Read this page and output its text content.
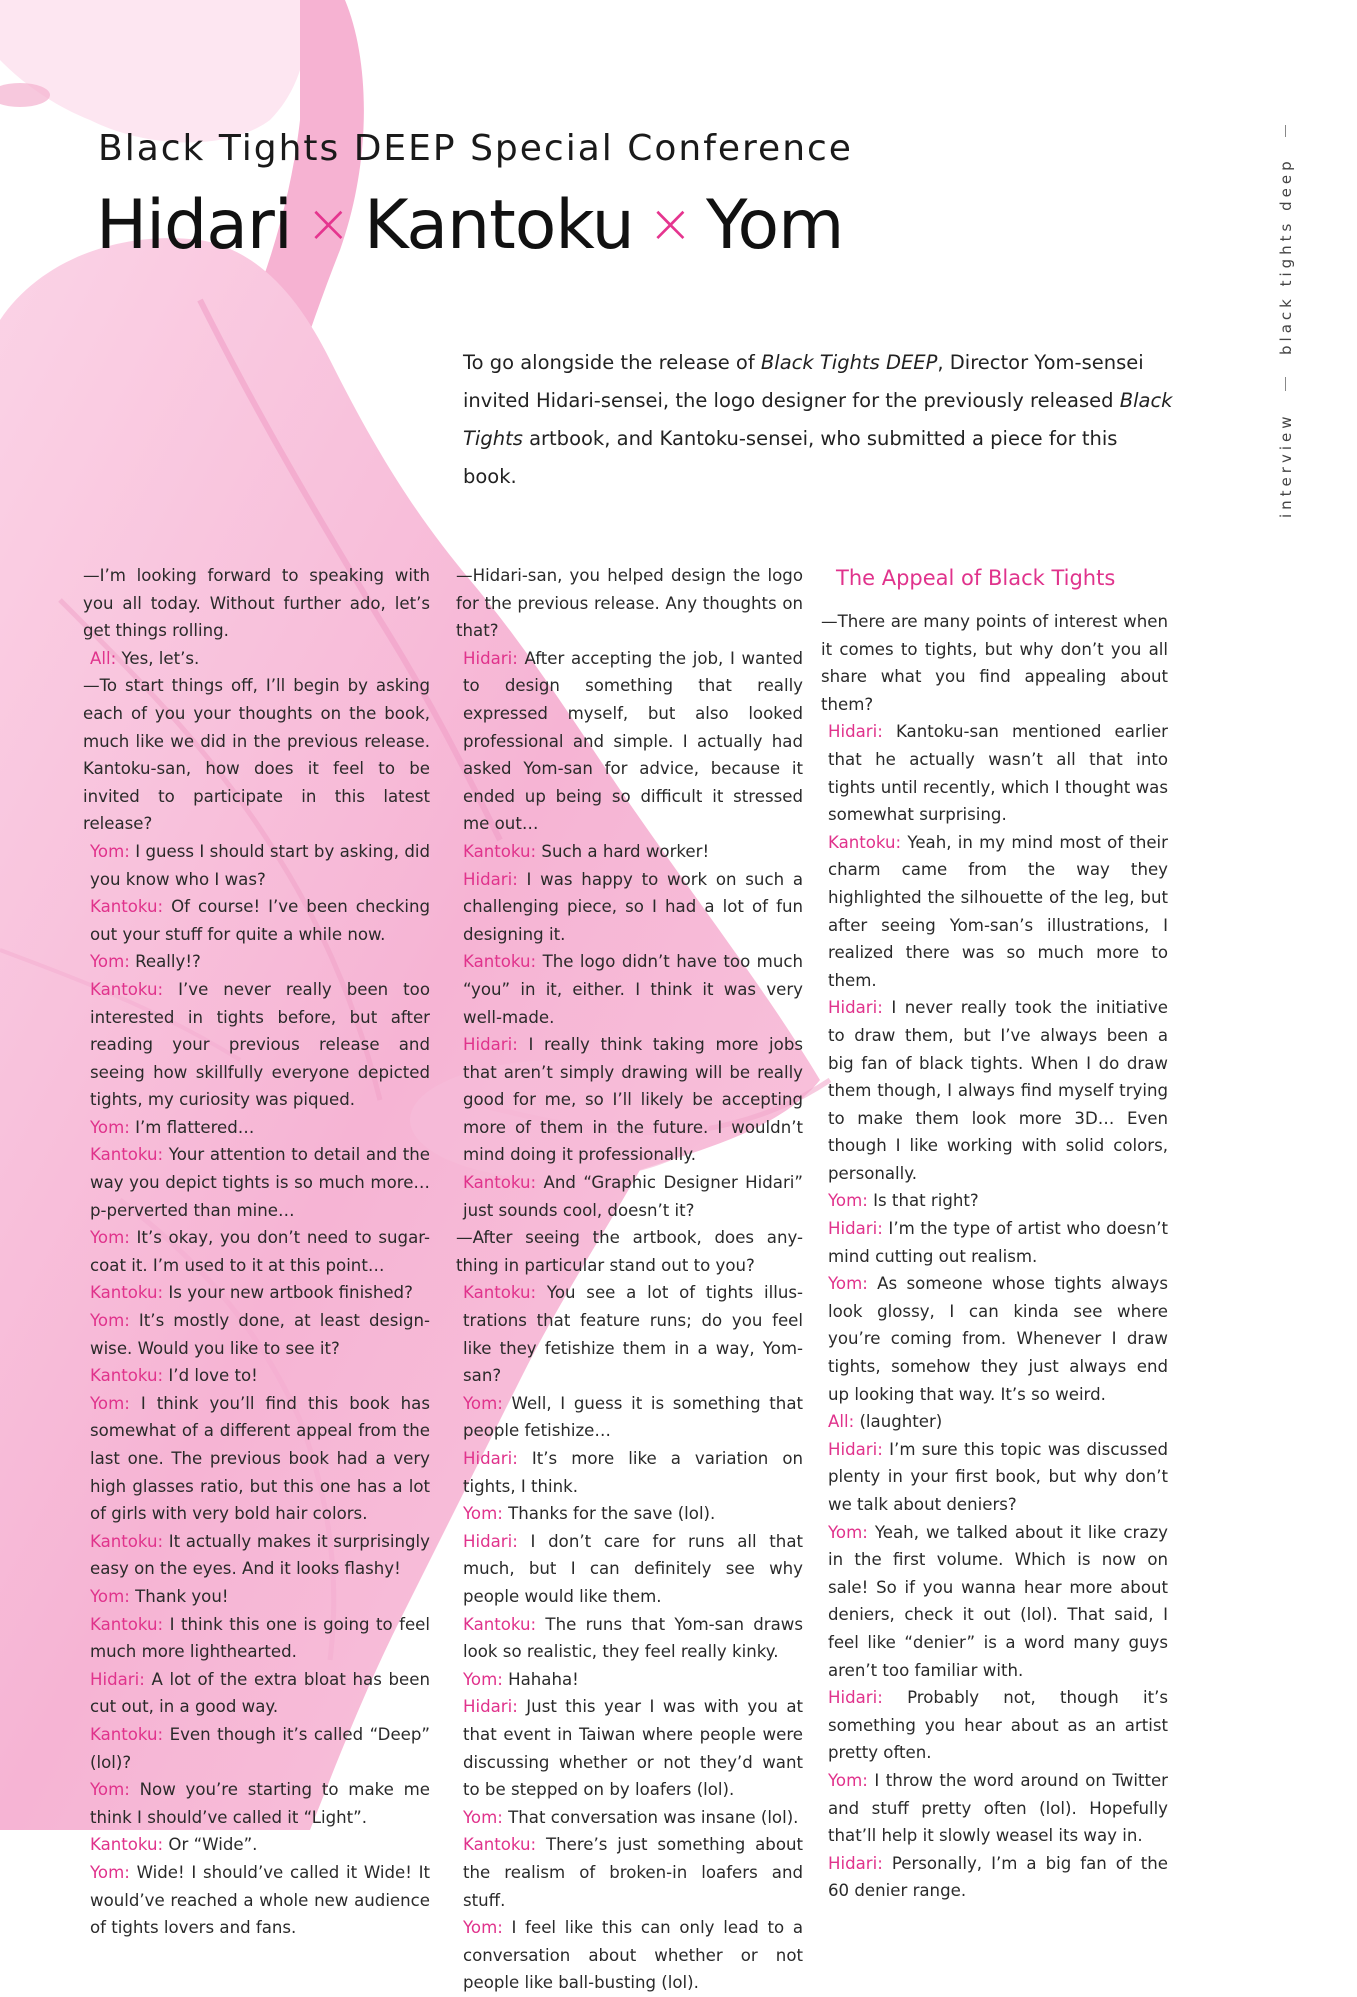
Black Tights DEEP Special Conference
Hidari × Kantoku × Yom
To go alongside the release of Black Tights DEEP, Director Yom-sensei invited Hidari-sensei, the logo designer for the previously released Black Tights artbook, and Kantoku-sensei, who submitted a piece for this book.
black tights deep
interview

—I’m looking forward to speaking with you all today. Without further ado, let’s get things rolling.

All: Yes, let’s.

—To start things off, I’ll begin by asking each of you your thoughts on the book, much like we did in the previous release. Kantoku-san, how does it feel to be invited to participate in this latest release?

Yom: I guess I should start by asking, did you know who I was?

Kantoku: Of course! I’ve been checking out your stuff for quite a while now.

Yom: Really!?

Kantoku: I’ve never really been too interested in tights before, but after reading your previous release and seeing how skillfully everyone depicted tights, my curiosity was piqued.

Yom: I’m flattered…

Kantoku: Your attention to detail and the way you depict tights is so much more… p-perverted than mine…

Yom: It’s okay, you don’t need to sugar-coat it. I’m used to it at this point…

Kantoku: Is your new artbook finished?

Yom: It’s mostly done, at least design-wise. Would you like to see it?

Kantoku: I’d love to!

Yom: I think you’ll find this book has somewhat of a different appeal from the last one. The previous book had a very high glasses ratio, but this one has a lot of girls with very bold hair colors.

Kantoku: It actually makes it surprisingly easy on the eyes. And it looks flashy!

Yom: Thank you!

Kantoku: I think this one is going to feel much more lighthearted.

Hidari: A lot of the extra bloat has been cut out, in a good way.

Kantoku: Even though it’s called “Deep” (lol)?

Yom: Now you’re starting to make me think I should’ve called it “Light”.

Kantoku: Or “Wide”.

Yom: Wide! I should’ve called it Wide! It would’ve reached a whole new audience of tights lovers and fans.

—Hidari-san, you helped design the logo for the previous release. Any thoughts on that?

Hidari: After accepting the job, I wanted to design something that really expressed myself, but also looked professional and simple. I actually had asked Yom-san for advice, because it ended up being so difficult it stressed me out…

Kantoku: Such a hard worker!

Hidari: I was happy to work on such a challenging piece, so I had a lot of fun designing it.

Kantoku: The logo didn’t have too much “you” in it, either. I think it was very well-made.

Hidari: I really think taking more jobs that aren’t simply drawing will be really good for me, so I’ll likely be accepting more of them in the future. I wouldn’t mind doing it professionally.

Kantoku: And “Graphic Designer Hidari” just sounds cool, doesn’t it?

—After seeing the artbook, does any-thing in particular stand out to you?

Kantoku: You see a lot of tights illus-trations that feature runs; do you feel like they fetishize them in a way, Yom-san?

Yom: Well, I guess it is something that people fetishize…

Hidari: It’s more like a variation on tights, I think.

Yom: Thanks for the save (lol).

Hidari: I don’t care for runs all that much, but I can definitely see why people would like them.

Kantoku: The runs that Yom-san draws look so realistic, they feel really kinky.

Yom: Hahaha!

Hidari: Just this year I was with you at that event in Taiwan where people were discussing whether or not they’d want to be stepped on by loafers (lol).

Yom: That conversation was insane (lol).

Kantoku: There’s just something about the realism of broken-in loafers and stuff.

Yom: I feel like this can only lead to a conversation about whether or not people like ball-busting (lol).

The Appeal of Black Tights

—There are many points of interest when it comes to tights, but why don’t you all share what you find appealing about them?

Hidari: Kantoku-san mentioned earlier that he actually wasn’t all that into tights until recently, which I thought was somewhat surprising.

Kantoku: Yeah, in my mind most of their charm came from the way they highlighted the silhouette of the leg, but after seeing Yom-san’s illustrations, I realized there was so much more to them.

Hidari: I never really took the initiative to draw them, but I’ve always been a big fan of black tights. When I do draw them though, I always find myself trying to make them look more 3D… Even though I like working with solid colors, personally.

Yom: Is that right?

Hidari: I’m the type of artist who doesn’t mind cutting out realism.

Yom: As someone whose tights always look glossy, I can kinda see where you’re coming from. Whenever I draw tights, somehow they just always end up looking that way. It’s so weird.

All: (laughter)

Hidari: I’m sure this topic was discussed plenty in your first book, but why don’t we talk about deniers?

Yom: Yeah, we talked about it like crazy in the first volume. Which is now on sale! So if you wanna hear more about deniers, check it out (lol). That said, I feel like “denier” is a word many guys aren’t too familiar with.

Hidari: Probably not, though it’s something you hear about as an artist pretty often.

Yom: I throw the word around on Twitter and stuff pretty often (lol). Hopefully that’ll help it slowly weasel its way in.

Hidari: Personally, I’m a big fan of the 60 denier range.
